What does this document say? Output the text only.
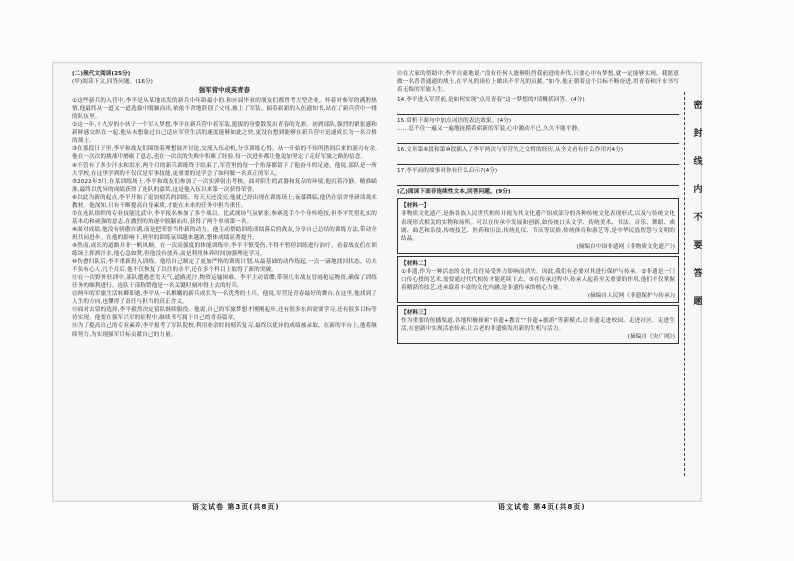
(二)现代文阅读(25分)
(甲)阅读下文,回答问题。(16分)
强军营中成英青春
①这些新兵的入营中,李平是从某地出发的新兵中年龄最小的,和应届毕业的朋友们都曾考大型企业。怀着对参军的满腔热情,他最终从一道又一道选拔中脱颖而出,依依不舍地辞别了父母,披上了军装。揣着崭新的入伍通知书,站在了新兵营中一排的队伍里。
②这一年,十九岁的小伙子一个军人梦想,李平在新兵营中着军装,挺拔的身姿散发出青春的光彩。初到部队,强烈的紧张感和新鲜感交织在一起,他从未想象过自己适应军营生活的速度能够如此之快,更没有想到能够在新兵营中迅速成长为一名合格的战士。
③在那段日子里,李平和战友们围绕着理想展开讨论,交流入伍动机,分享训练心得。从一开始的不知所措到后来的游刃有余,他在一次次的挑战中磨砺了意志,也在一次次的失败中积累了经验,每一次进步都让他更加坚定了走好军旅之路的信念。
④不管有了多少汗水和泪水,两个月的新兵训练终于结束了,军营里的每一个角落都留下了他奋斗的足迹。他说,部队是一所大学校,在这里学到的不仅仅是军事技能,更重要的是学会了如何做一名真正的军人。
⑤2022年3月,在某训练场上,李平和战友们参加了一次实弹射击考核。面对陌生的武器和复杂的环境,他沉着冷静、精准瞄准,最终以优异的成绩获得了连队的嘉奖,这是他入伍以来第一次获得荣誉。
⑥以此为新的起点,李平开始了更加刻苦的训练。每天天还没亮,他就已经出现在训练场上;夜幕降临,他仍在宿舍里研读战术教材。他深知,只有不断提高自身素质,才能在未来的任务中担当重任。
⑦在连队组织的专业技能比武中,李平报名参加了多个项目。比武现场气氛紧张,参赛选手个个身怀绝技,但李平凭借扎实的基本功和顽强的意志,在激烈的角逐中脱颖而出,获得了两个单项第一名。
⑧面对成绩,他没有骄傲自满,而是把荣誉当作新的动力。他主动帮助训练成绩落后的战友,分享自己总结的训练方法,带动全班共同进步。在他的影响下,班里的训练氛围越来越浓,整体成绩显著提升。
⑨然而,成长的道路并非一帆风顺。在一次高强度的体能训练中,李平不慎受伤,不得不暂停训练进行治疗。看着战友们在训练场上挥洒汗水,他心急如焚,但他没有放弃,而是利用休养时间加强理论学习。
⑩伤愈归队后,李平重新投入训练。他给自己制定了更加严格的训练计划,从最基础的动作练起,一点一滴地找回状态。功夫不负有心人,几个月后,他不仅恢复了以往的水平,还在多个科目上取得了新的突破。
⑪在一次野外驻训中,部队遭遇恶劣天气,道路泥泞,物资运输困难。李平主动请缨,带领几名战友冒雨抢运物资,确保了训练任务的顺利进行。连队干部称赞他是一名关键时刻冲得上去的好兵。
⑫两年的军旅生活转瞬即逝,李平从一名稚嫩的新兵成长为一名优秀的士兵。他说,军营是青春最好的舞台,在这里,他找到了人生的方向,也懂得了责任与担当的真正含义。
⑬面对去留的选择,李平毅然决定留队继续服役。他说,自己的军旅梦想才刚刚起步,还有很多东西需要学习,还有很多目标等待实现。他要在强军兴军的征程中,继续书写属于自己的青春篇章。
⑭为了提高自己的专业素养,李平报考了军队院校,利用业余时间刻苦复习,最终以优异的成绩被录取。在新的平台上,他将继续努力,为实现强军目标贡献自己的力量。
⑮在大家的帮助中,李平自豪地说:“没有任何人能够阻挡我前进的步伐,只要心中有梦想,就一定能够实现。我愿意做一名普普通通的战士,在平凡的岗位上做出不平凡的贡献。”如今,他正朝着这个目标不断奋进,用青春和汗水书写着无悔的军旅人生。
14.李平进入军营前,是如何实现“点亮青春”这一梦想的?请概括回答。(4分)
15.赏析下面句中加点词语的表达效果。(4分)
……忍不住一遍又一遍地抚摸着崭新的军装,心中激动不已,久久不能平静。
16.文章第⑥段和第⑩段插入了李平两次与军营失之交臂的经历,从全文看有什么作用?(4分)
17.李平而的故事对你有什么启示?(4分)
(乙)阅读下面非连续性文本,回答问题。(9分)
【材料一】
非物质文化遗产,是指各族人民世代相传并视为其文化遗产组成部分的各种传统文化表现形式,以及与传统文化表现形式相关的实物和场所。可以在传承中发展和创新,如传统口头文学、传统美术、书法、音乐、舞蹈、戏剧、曲艺和杂技,传统技艺、医药和历法,传统礼仪、节庆等民俗,传统体育和游艺等,是中华民族智慧与文明的结晶。
(摘编自中国非遗网《非物质文化遗产》)
【材料二】
①非遗,作为一种活态的文化,往往易受外力影响而消失。因此,我们有必要对其进行保护与传承。②非遗是一门口传心授的艺术,需要通过代代相传才能延续下去。③在传承过程中,传承人起着至关重要的作用,他们不仅掌握着精湛的技艺,还承载着丰富的文化内涵,是非遗传承的核心力量。
(摘编自人民网《非遗保护与传承》)
【材料三】
作为重要的传播渠道,各地积极探索“非遗+教育”“非遗+旅游”等新模式,让非遗走进校园、走进社区、走进生活,在创新中实现活态传承,让古老的非遗焕发出新的生机与活力。
(摘编自《央广网》)
密
封
线
内
不
要
答
题
语文试卷 第3页(共8页)	语文试卷 第4页(共8页)
